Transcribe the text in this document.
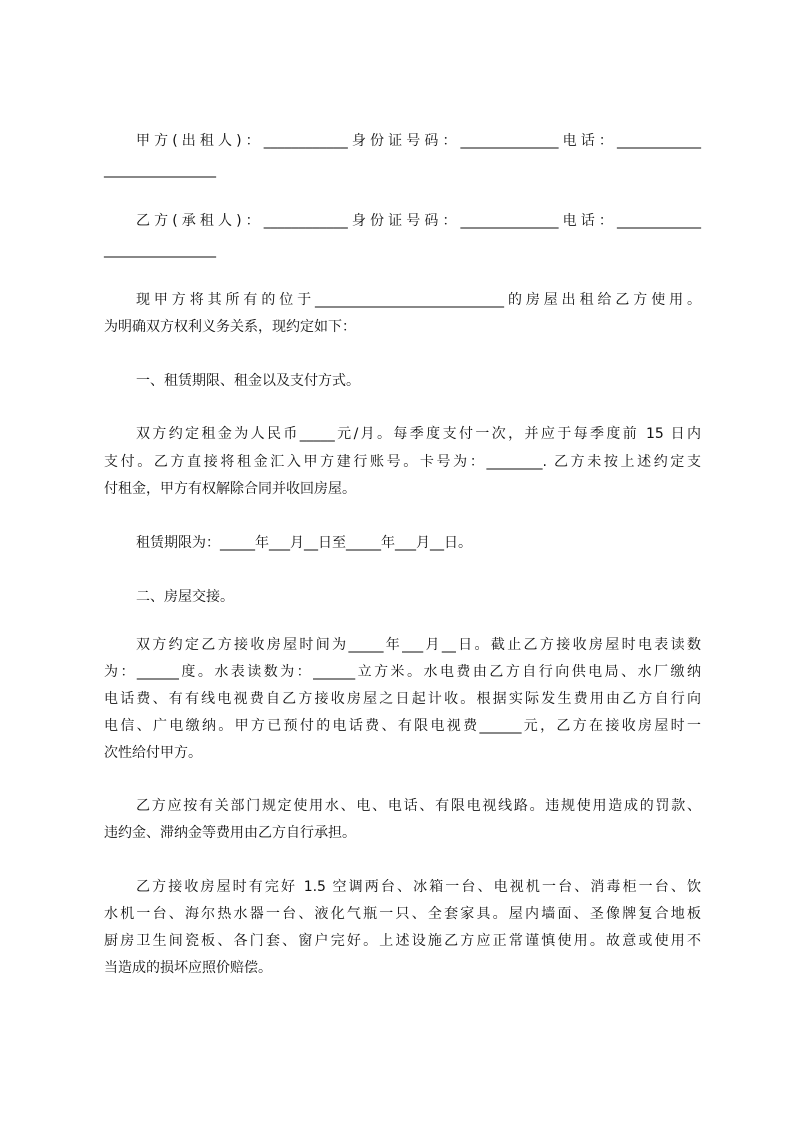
甲方(出租人)：____________身份证号码：______________电话：____________
________________
乙方(承租人)：____________身份证号码：______________电话：____________
________________
现甲方将其所有的位于___________________________的房屋出租给乙方使用。
为明确双方权利义务关系，现约定如下：
一、租赁期限、租金以及支付方式。
双方约定租金为人民币_____元/月。每季度支付一次，并应于每季度前 15 日内
支付。乙方直接将租金汇入甲方建行账号。卡号为：________. 乙方未按上述约定支
付租金，甲方有权解除合同并收回房屋。
租赁期限为：_____年___月__日至_____年___月__日。
二、房屋交接。
双方约定乙方接收房屋时间为_____年___月__日。截止乙方接收房屋时电表读数
为：______度。水表读数为：______立方米。水电费由乙方自行向供电局、水厂缴纳
电话费、有有线电视费自乙方接收房屋之日起计收。根据实际发生费用由乙方自行向
电信、广电缴纳。甲方已预付的电话费、有限电视费______元，乙方在接收房屋时一
次性给付甲方。
乙方应按有关部门规定使用水、电、电话、有限电视线路。违规使用造成的罚款、
违约金、滞纳金等费用由乙方自行承担。
乙方接收房屋时有完好 1.5 空调两台、冰箱一台、电视机一台、消毒柜一台、饮
水机一台、海尔热水器一台、液化气瓶一只、全套家具。屋内墙面、圣像牌复合地板
厨房卫生间瓷板、各门套、窗户完好。上述设施乙方应正常谨慎使用。故意或使用不
当造成的损坏应照价赔偿。
